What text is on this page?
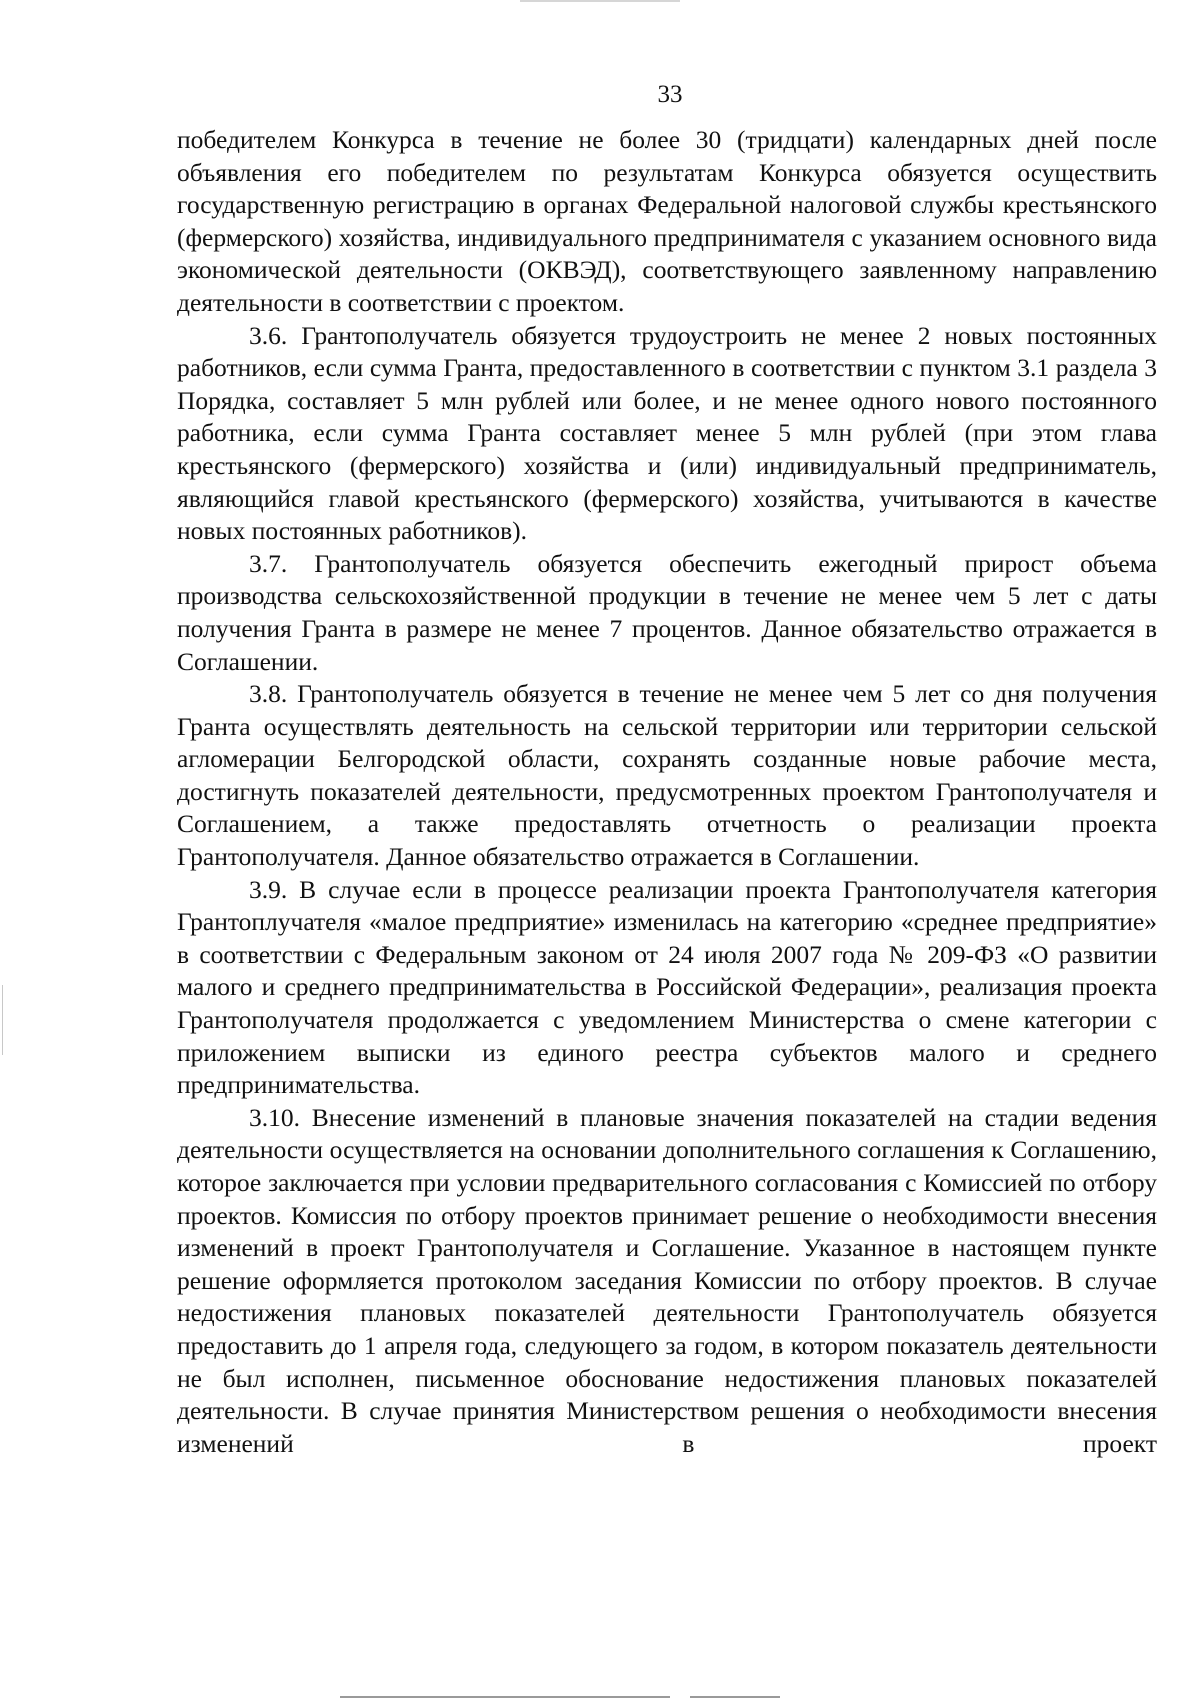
33

победителем Конкурса в течение не более 30 (тридцати) календарных дней после объявления его победителем по результатам Конкурса обязуется осуществить государственную регистрацию в органах Федеральной налоговой службы крестьянского (фермерского) хозяйства, индивидуального предпринимателя с указанием основного вида экономической деятельности (ОКВЭД), соответствующего заявленному направлению деятельности в соответствии с проектом.

3.6. Грантополучатель обязуется трудоустроить не менее 2 новых постоянных работников, если сумма Гранта, предоставленного в соответствии с пунктом 3.1 раздела 3 Порядка, составляет 5 млн рублей или более, и не менее одного нового постоянного работника, если сумма Гранта составляет менее 5 млн рублей (при этом глава крестьянского (фермерского) хозяйства и (или) индивидуальный предприниматель, являющийся главой крестьянского (фермерского) хозяйства, учитываются в качестве новых постоянных работников).

3.7. Грантополучатель обязуется обеспечить ежегодный прирост объема производства сельскохозяйственной продукции в течение не менее чем 5 лет с даты получения Гранта в размере не менее 7 процентов. Данное обязательство отражается в Соглашении.

3.8. Грантополучатель обязуется в течение не менее чем 5 лет со дня получения Гранта осуществлять деятельность на сельской территории или территории сельской агломерации Белгородской области, сохранять созданные новые рабочие места, достигнуть показателей деятельности, предусмотренных проектом Грантополучателя и Соглашением, а также предоставлять отчетность о реализации проекта Грантополучателя. Данное обязательство отражается в Соглашении.

3.9. В случае если в процессе реализации проекта Грантополучателя категория Грантоплучателя «малое предприятие» изменилась на категорию «среднее предприятие» в соответствии с Федеральным законом от 24 июля 2007 года № 209-ФЗ «О развитии малого и среднего предпринимательства в Российской Федерации», реализация проекта Грантополучателя продолжается с уведомлением Министерства о смене категории с приложением выписки из единого реестра субъектов малого и среднего предпринимательства.

3.10. Внесение изменений в плановые значения показателей на стадии ведения деятельности осуществляется на основании дополнительного соглашения к Соглашению, которое заключается при условии предварительного согласования с Комиссией по отбору проектов. Комиссия по отбору проектов принимает решение о необходимости внесения изменений в проект Грантополучателя и Соглашение. Указанное в настоящем пункте решение оформляется протоколом заседания Комиссии по отбору проектов. В случае недостижения плановых показателей деятельности Грантополучатель обязуется предоставить до 1 апреля года, следующего за годом, в котором показатель деятельности не был исполнен, письменное обоснование недостижения плановых показателей деятельности. В случае принятия Министерством решения о необходимости внесения изменений в проект
